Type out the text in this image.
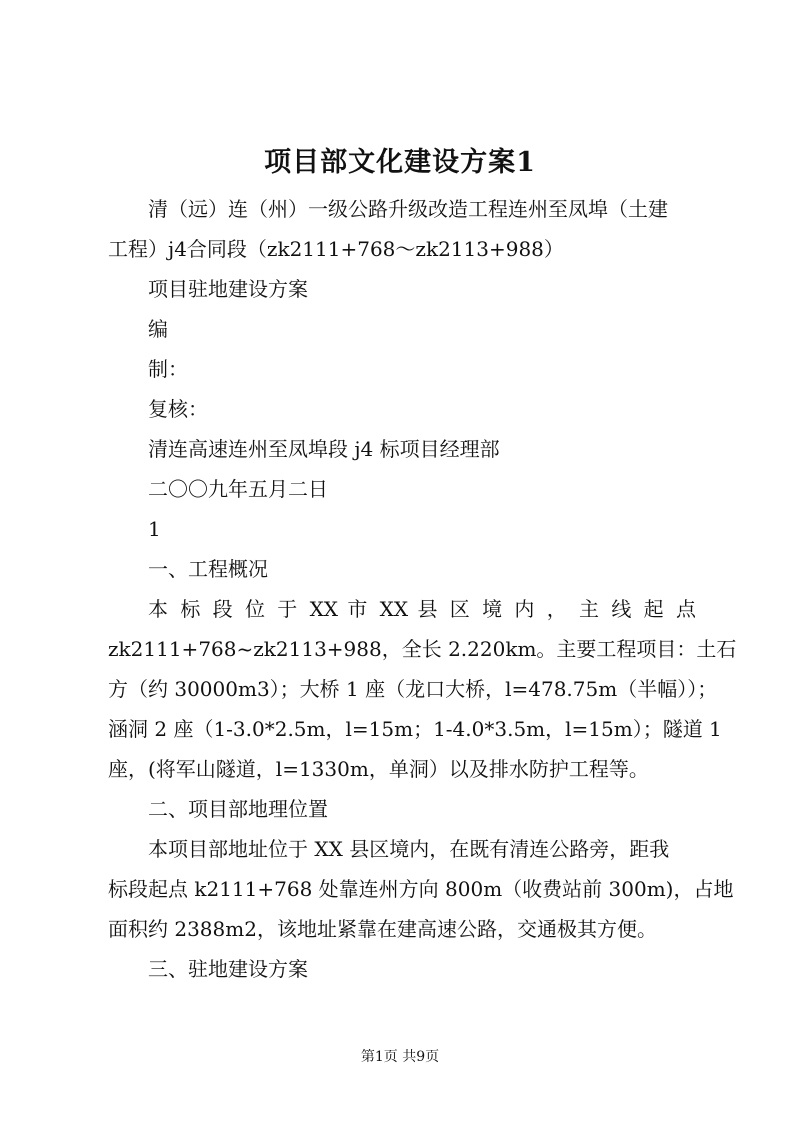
项目部文化建设方案1
清（远）连（州）一级公路升级改造工程连州至凤埠（土建
工程）j4合同段（zk2111+768～zk2113+988）
项目驻地建设方案
编
制：
复核：
清连高速连州至凤埠段 j4 标项目经理部
二〇〇九年五月二日
1
一、工程概况
本 标 段 位 于 XX 市 XX 县 区 境 内 ， 主 线 起 点
zk2111+768~zk2113+988，全长 2.220km。主要工程项目：土石
方（约 30000m3）；大桥 1 座（龙口大桥，l=478.75m（半幅））；
涵洞 2 座（1-3.0*2.5m，l=15m；1-4.0*3.5m，l=15m）；隧道 1
座，(将军山隧道，l=1330m，单洞）以及排水防护工程等。
二、项目部地理位置
本项目部地址位于 XX 县区境内，在既有清连公路旁，距我
标段起点 k2111+768 处靠连州方向 800m（收费站前 300m)，占地
面积约 2388m2，该地址紧靠在建高速公路，交通极其方便。
三、驻地建设方案
第1页 共9页
